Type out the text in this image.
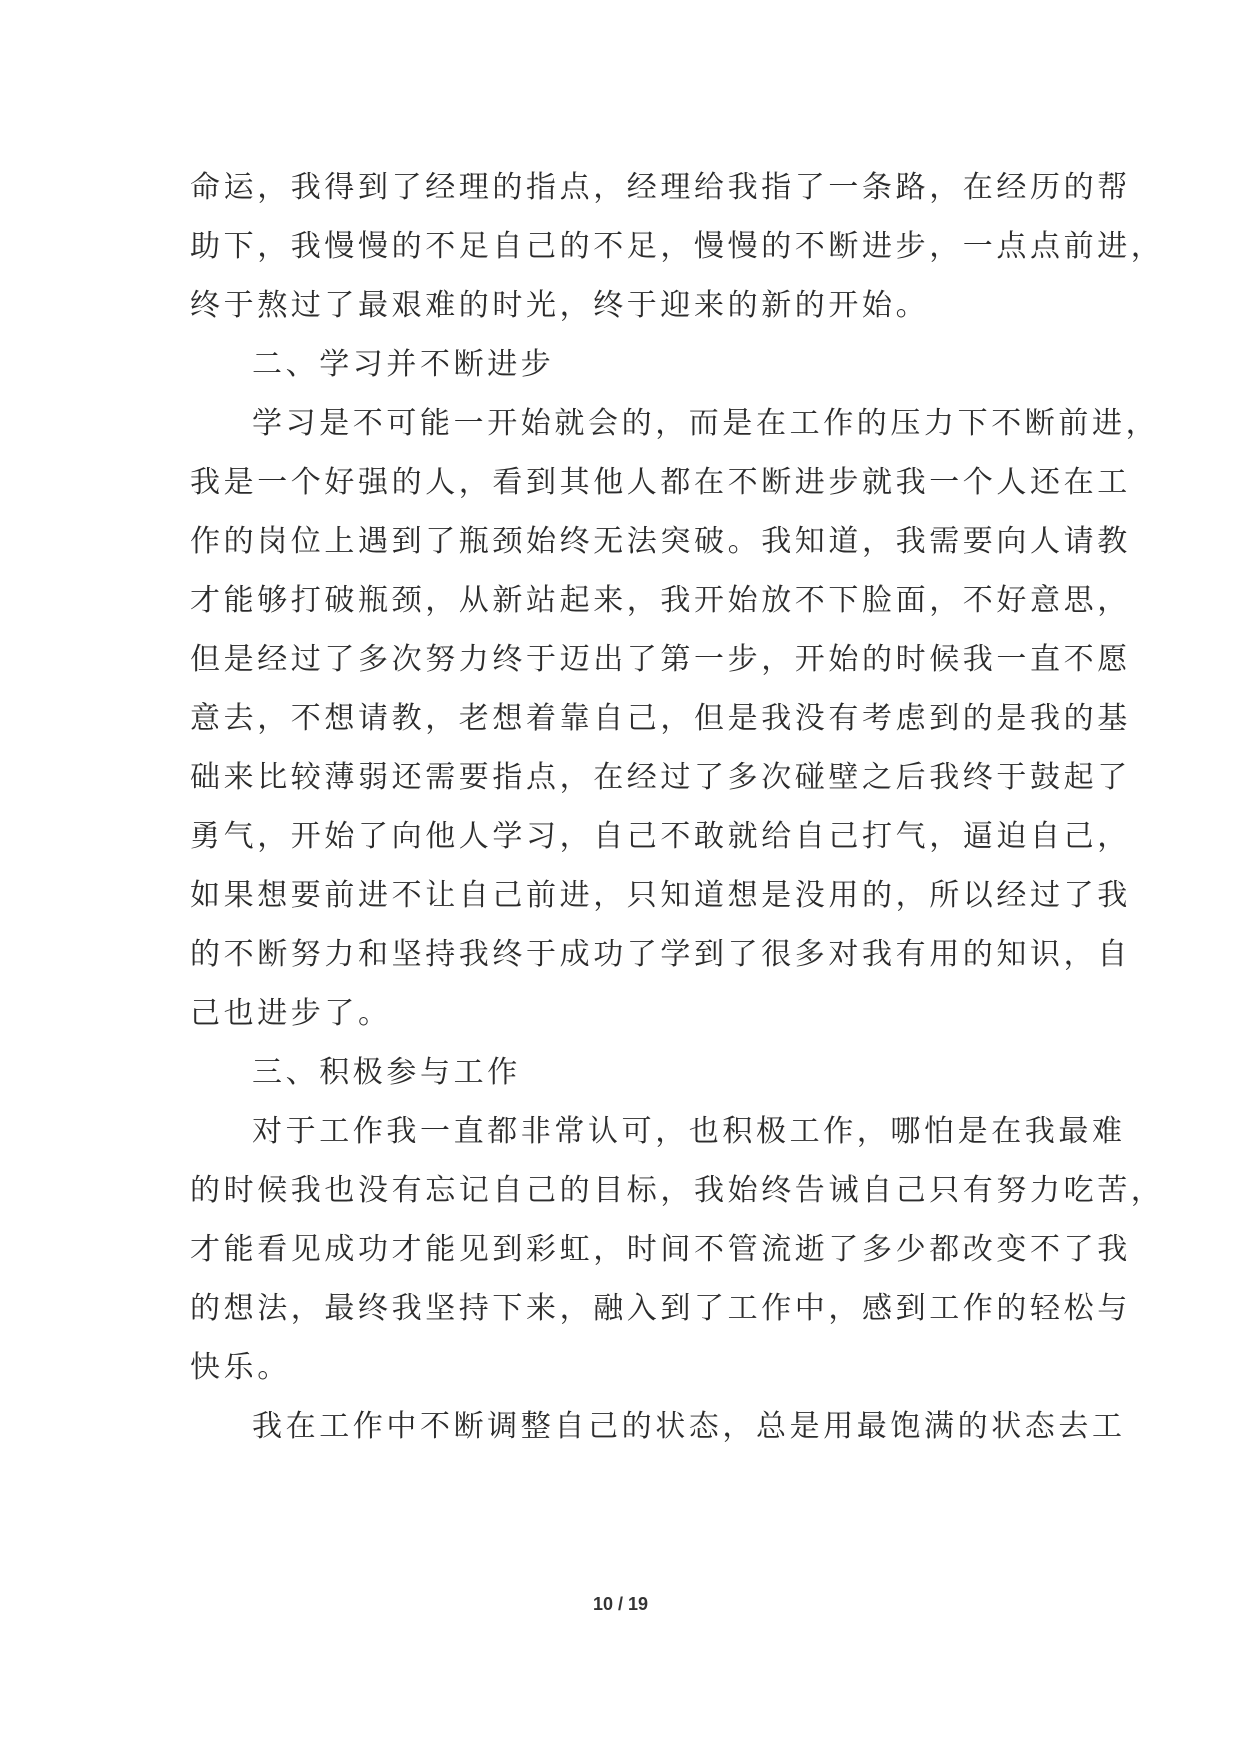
命运，我得到了经理的指点，经理给我指了一条路，在经历的帮
助下，我慢慢的不足自己的不足，慢慢的不断进步，一点点前进，
终于熬过了最艰难的时光，终于迎来的新的开始。
二、学习并不断进步
学习是不可能一开始就会的，而是在工作的压力下不断前进，
我是一个好强的人，看到其他人都在不断进步就我一个人还在工
作的岗位上遇到了瓶颈始终无法突破。我知道，我需要向人请教
才能够打破瓶颈，从新站起来，我开始放不下脸面，不好意思，
但是经过了多次努力终于迈出了第一步，开始的时候我一直不愿
意去，不想请教，老想着靠自己，但是我没有考虑到的是我的基
础来比较薄弱还需要指点，在经过了多次碰壁之后我终于鼓起了
勇气，开始了向他人学习，自己不敢就给自己打气，逼迫自己，
如果想要前进不让自己前进，只知道想是没用的，所以经过了我
的不断努力和坚持我终于成功了学到了很多对我有用的知识，自
己也进步了。
三、积极参与工作
对于工作我一直都非常认可，也积极工作，哪怕是在我最难
的时候我也没有忘记自己的目标，我始终告诫自己只有努力吃苦，
才能看见成功才能见到彩虹，时间不管流逝了多少都改变不了我
的想法，最终我坚持下来，融入到了工作中，感到工作的轻松与
快乐。
我在工作中不断调整自己的状态，总是用最饱满的状态去工
10 / 19
